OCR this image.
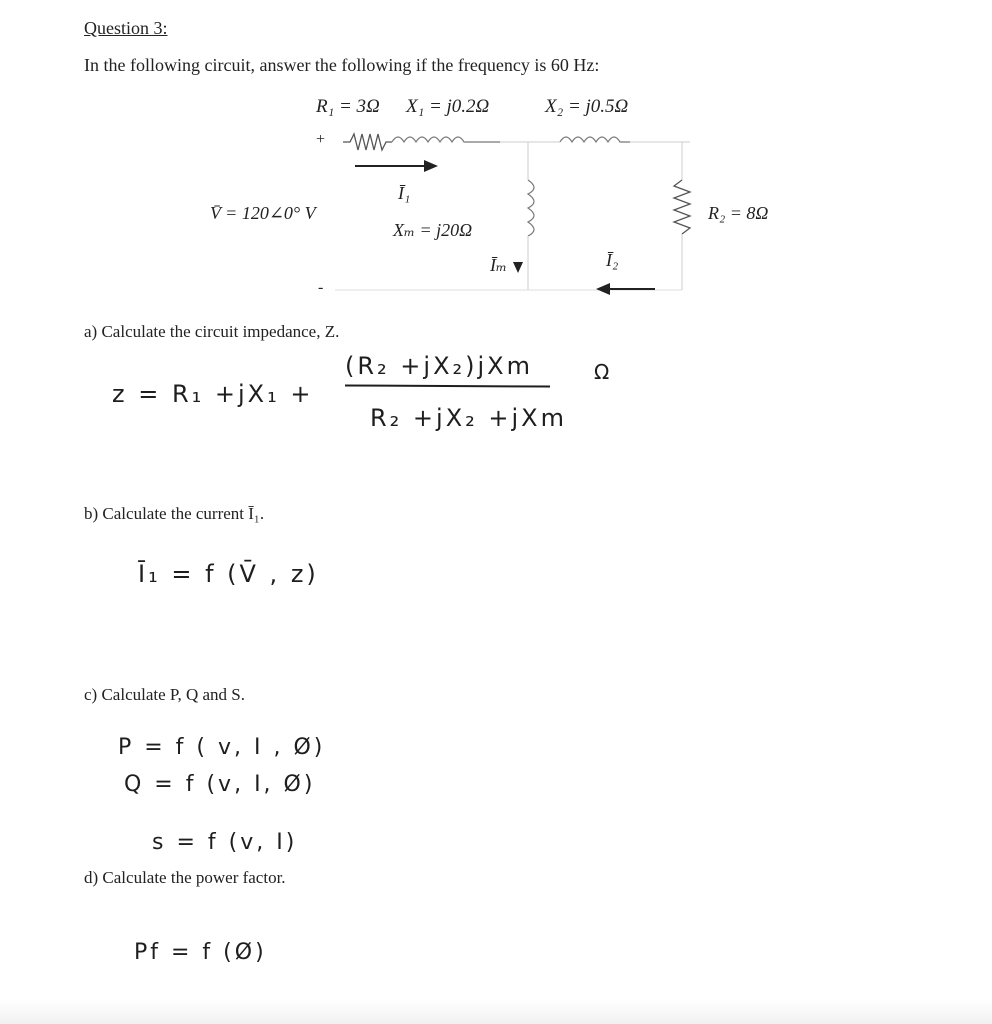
Question 3:
In the following circuit, answer the following if the frequency is 60 Hz:
R₁ = 3Ω X₁ = j0.2Ω	X₂ = j0.5Ω
+
-
V̄ = 120∠0° V
Ī₁
Xₘ = j20Ω
Īₘ	Ī₂
R₂ = 8Ω
a) Calculate the circuit impedance, Z.
z = R₁ +jX₁ +
(R₂ +jX₂)jXm
R₂ +jX₂ +jXm
Ω
b) Calculate the current Ī₁.
Ī₁ = f (V̄ , z)
c) Calculate P, Q and S.
P = f ( v, I , Ø)
Q = f (v, I, Ø)
s = f (v, I)
d) Calculate the power factor.
Pf = f (Ø)
